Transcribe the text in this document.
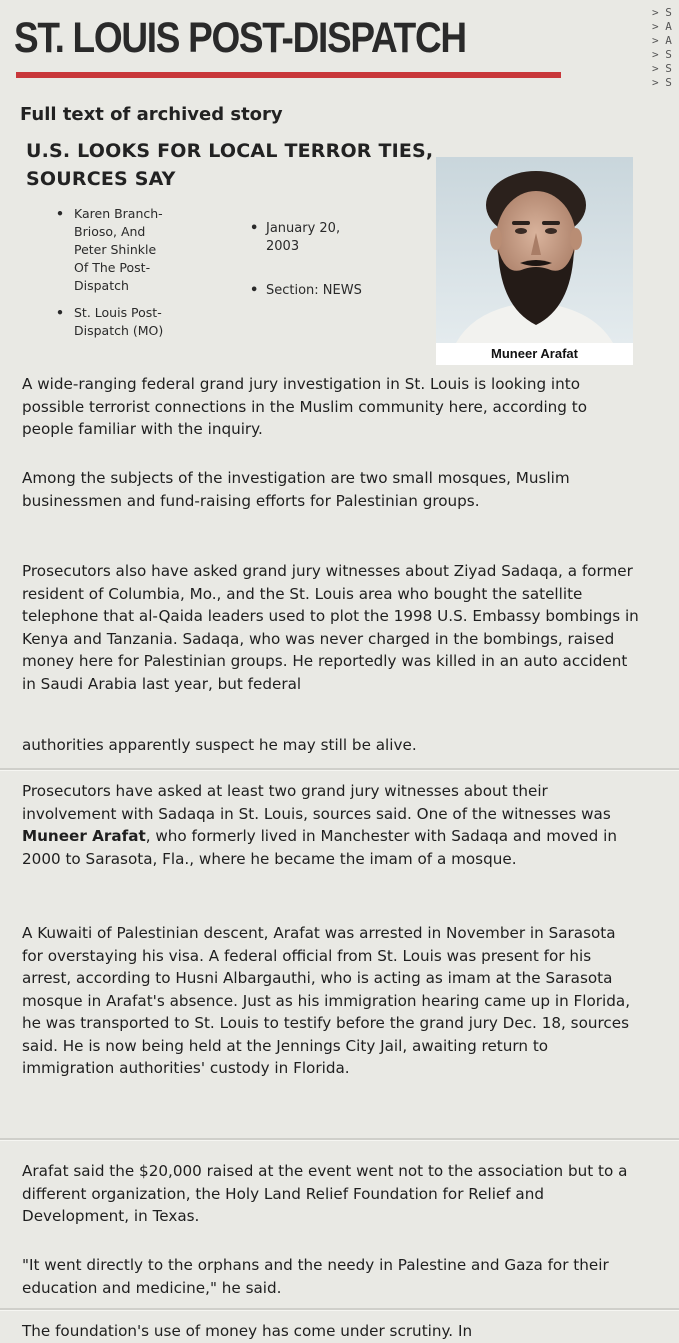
ST. LOUIS POST-DISPATCH
> S
> A
> A
> S
> S
> S
Full text of archived story
U.S. LOOKS FOR LOCAL TERROR TIES, SOURCES SAY
• Karen Branch-
Brioso, And
Peter Shinkle
Of The Post-
Dispatch
• St. Louis Post-
Dispatch (MO)
• January 20,
2003
• Section: NEWS
Muneer Arafat
A wide-ranging federal grand jury investigation in St. Louis is looking into possible terrorist connections in the Muslim community here, according to people familiar with the inquiry.
Among the subjects of the investigation are two small mosques, Muslim businessmen and fund-raising efforts for Palestinian groups.
Prosecutors also have asked grand jury witnesses about Ziyad Sadaqa, a former resident of Columbia, Mo., and the St. Louis area who bought the satellite telephone that al-Qaida leaders used to plot the 1998 U.S. Embassy bombings in Kenya and Tanzania. Sadaqa, who was never charged in the bombings, raised money here for Palestinian groups. He reportedly was killed in an auto accident in Saudi Arabia last year, but federal
authorities apparently suspect he may still be alive.
Prosecutors have asked at least two grand jury witnesses about their involvement with Sadaqa in St. Louis, sources said. One of the witnesses was Muneer Arafat, who formerly lived in Manchester with Sadaqa and moved in 2000 to Sarasota, Fla., where he became the imam of a mosque.
A Kuwaiti of Palestinian descent, Arafat was arrested in November in Sarasota for overstaying his visa. A federal official from St. Louis was present for his arrest, according to Husni Albargauthi, who is acting as imam at the Sarasota mosque in Arafat's absence. Just as his immigration hearing came up in Florida, he was transported to St. Louis to testify before the grand jury Dec. 18, sources said. He is now being held at the Jennings City Jail, awaiting return to immigration authorities' custody in Florida.
Arafat said the $20,000 raised at the event went not to the association but to a different organization, the Holy Land Relief Foundation for Relief and Development, in Texas.
"It went directly to the orphans and the needy in Palestine and Gaza for their education and medicine," he said.
The foundation's use of money has come under scrutiny. In
